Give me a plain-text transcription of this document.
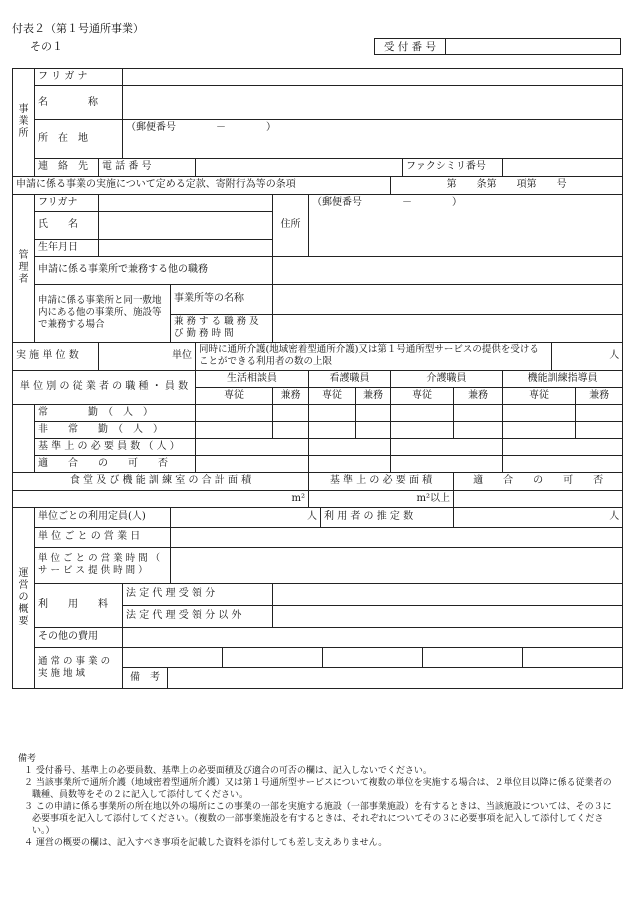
付表２（第１号通所事業）
その１	受 付 番 号	
事
業
所	フ リ ガ ナ														
	名　　　　称														
	所　在　地		（郵便番号　　　　－　　　　）												

	連　絡　先	電 話 番 号									ファクシミリ番号				
申請に係る事業の実施について定める定款、寄附行為等の条項										第　　条第　　項第　　号					
管
理
者	フリガナ					住所	（郵便番号　　　　－　　　　）								
	氏　　名														
	生年月日														
	申請に係る事業所で兼務する他の職務														
	申請に係る事業所と同一敷地内にある他の事業所、施設等で兼務する場合			事業所等の名称											
				兼 務 す る 職 務 及 び 勤 務 時 間											

実 施 単 位 数		単位			同時に通所介護(地域密着型通所介護)又は第１号通所型サービスの提供を受けることができる利用者の数の上限									人	
単 位 別 の 従 業 者 の 職 種 ・ 員 数					生活相談員		看護職員			介護職員			機能訓練指導員		
					専従	兼務	専従		兼務	専従		兼務	専従		兼務
	常　　　　勤　（　人　）														
	非　　常　　勤　（　人　）														
	基 準 上 の 必 要 員 数 （ 人 ）														
	適　　合　　の　　可　　否														
食 堂 及 び 機 能 訓 練 室 の 合 計 面 積							基 準 上 の 必 要 面 積					適　　合　　の　　可　　否			
m²							m²以上								
運
営
の
概
要	単位ごとの利用定員(人)			人				利 用 者 の 推 定 数				人			
	単 位 ご と の 営 業 日														
	単 位 ご と の 営 業 時 間 （ サ ー ビ ス 提 供 時 間 ）														
	利　　用　　料		法 定 代 理 受 領 分												
			法 定 代 理 受 領 分 以 外												
	その他の費用														
	通 常 の 事 業 の 実 施 地 域		備　考												

備考

１ 受付番号、基準上の必要員数、基準上の必要面積及び適合の可否の欄は、記入しないでください。

２ 当該事業所で通所介護（地域密着型通所介護）又は第１号通所型サービスについて複数の単位を実施する場合は、２単位目以降に係る従業者の職種、員数等をその２に記入して添付してください。

３ この申請に係る事業所の所在地以外の場所にこの事業の一部を実施する施設（一部事業施設）を有するときは、当該施設については、その３に必要事項を記入して添付してください。（複数の一部事業施設を有するときは、それぞれについてその３に必要事項を記入して添付してください。）

４ 運営の概要の欄は、記入すべき事項を記載した資料を添付しても差し支えありません。
